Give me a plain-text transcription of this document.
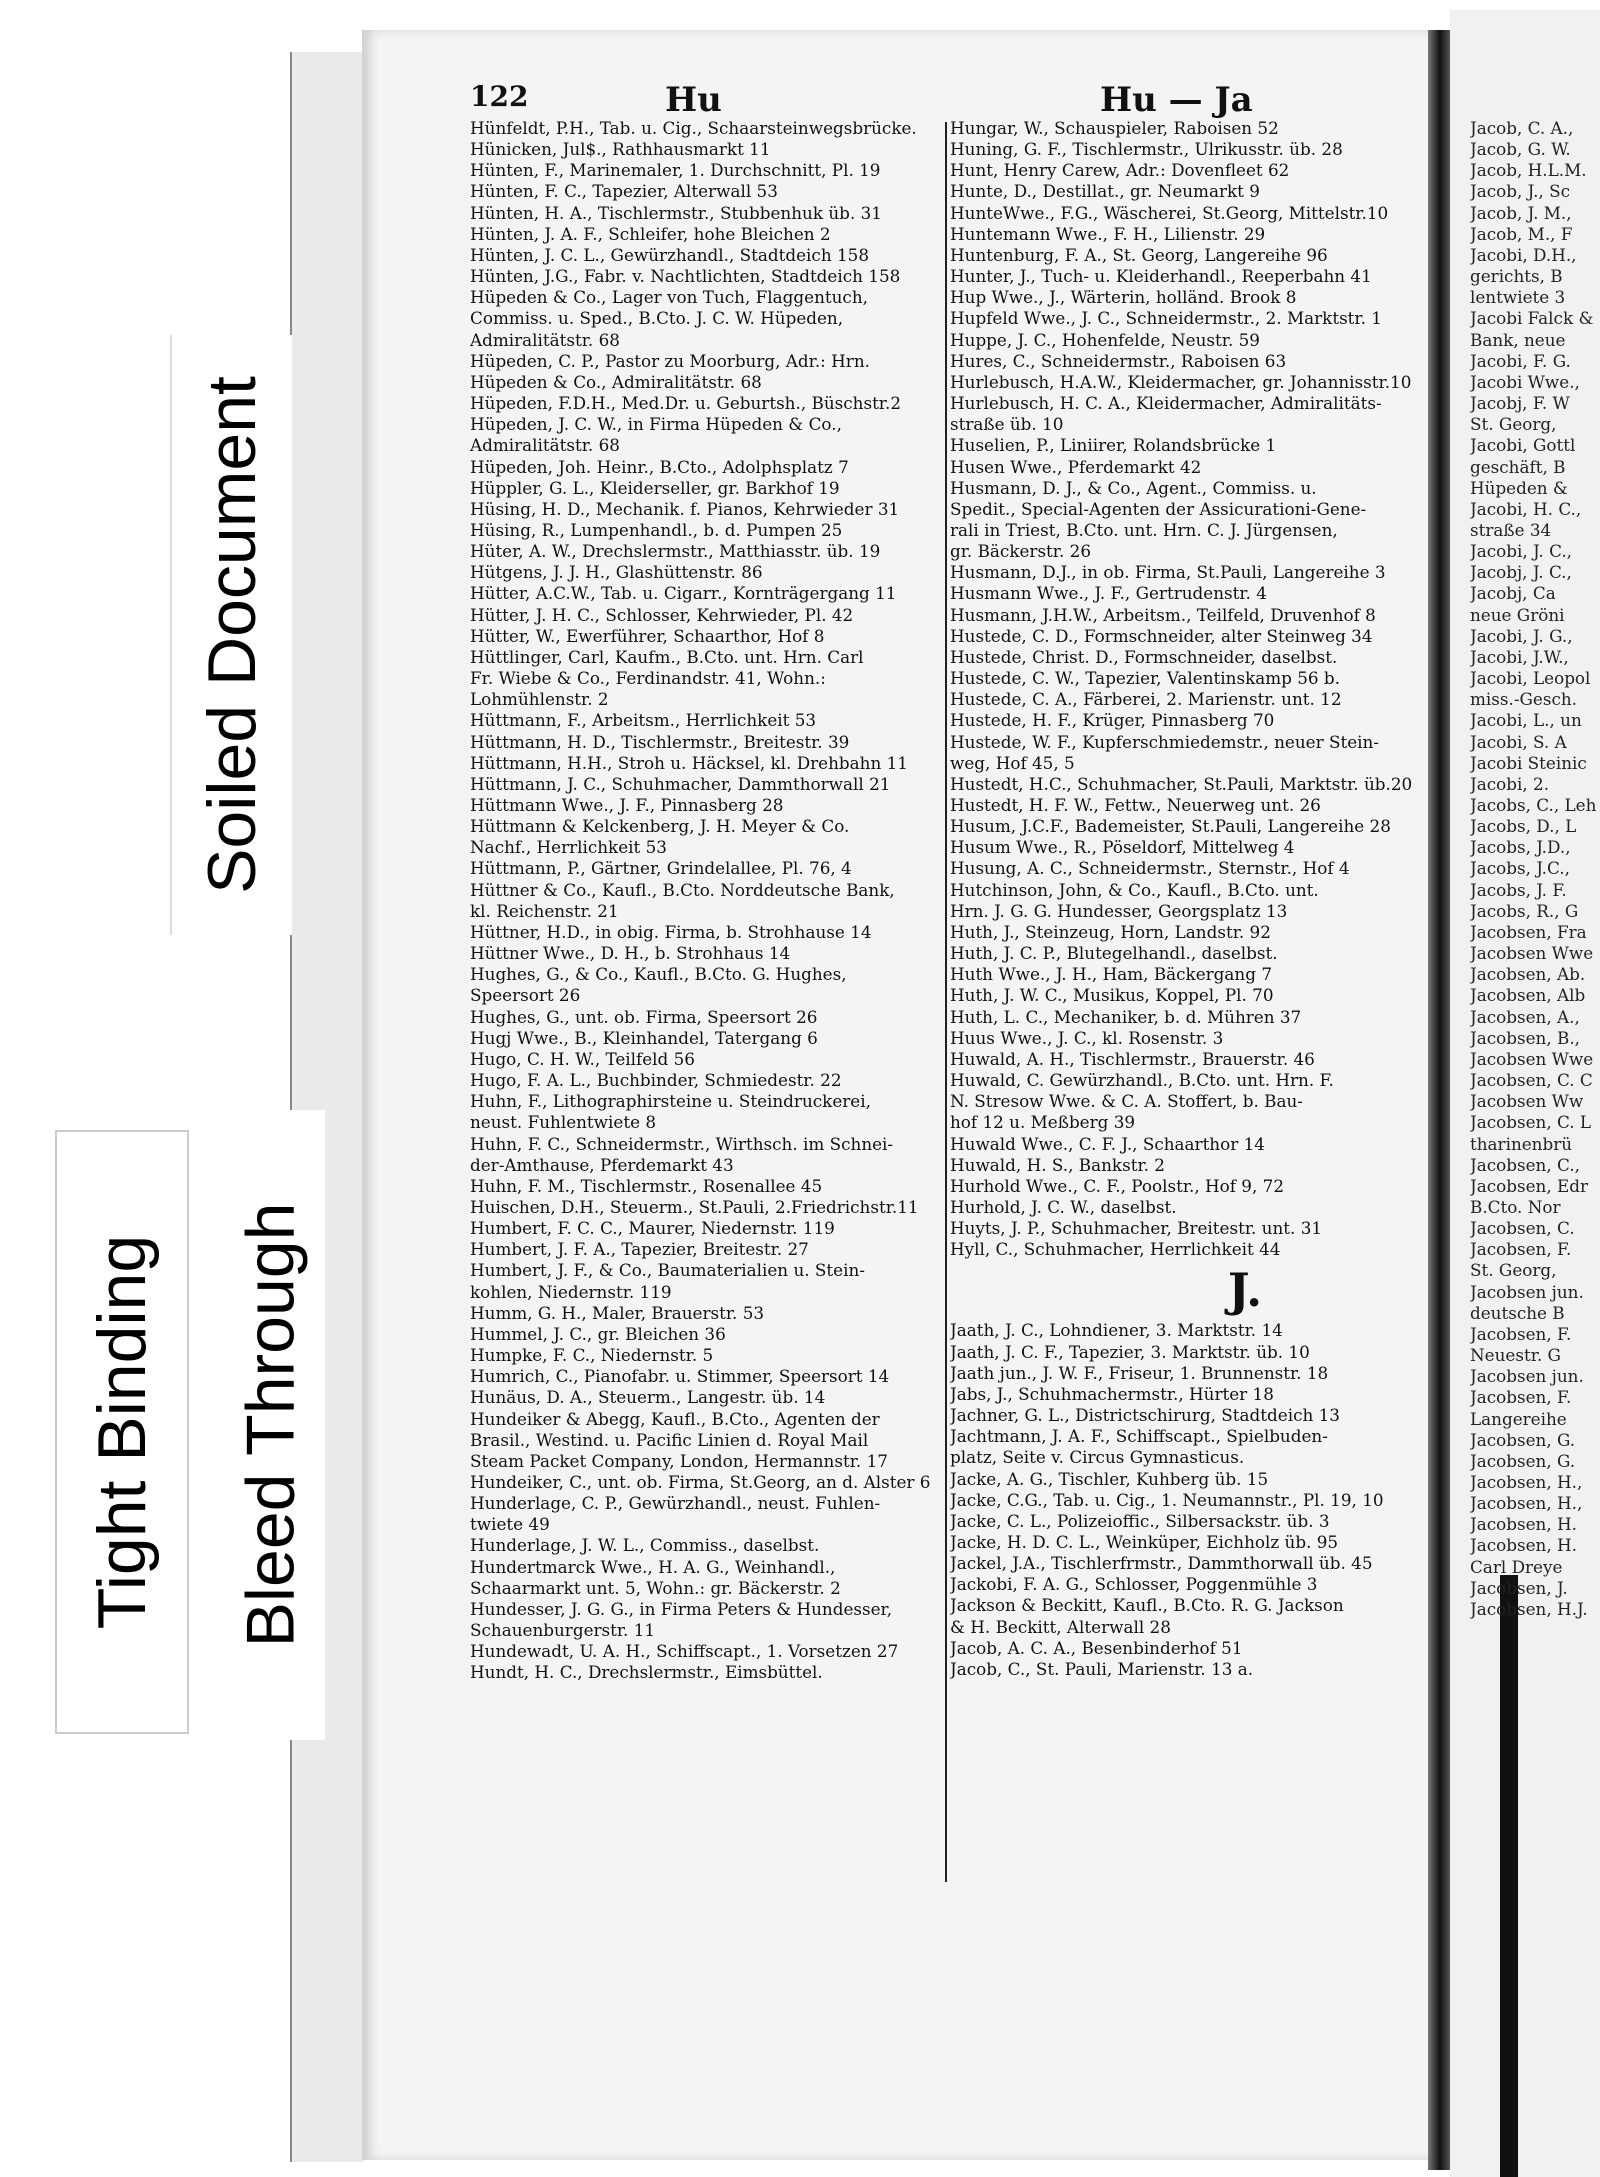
Soiled Document
Bleed Through
Tight Binding
122	Hu	Hu — Ja
Hünfeldt, P.H., Tab. u. Cig., Schaarsteinwegsbrücke.
Hünicken, Jul$., Rathhausmarkt 11
Hünten, F., Marinemaler, 1. Durchschnitt, Pl. 19
Hünten, F. C., Tapezier, Alterwall 53
Hünten, H. A., Tischlermstr., Stubbenhuk üb. 31
Hünten, J. A. F., Schleifer, hohe Bleichen 2
Hünten, J. C. L., Gewürzhandl., Stadtdeich 158
Hünten, J.G., Fabr. v. Nachtlichten, Stadtdeich 158
Hüpeden & Co., Lager von Tuch, Flaggentuch,
Commiss. u. Sped., B.Cto. J. C. W. Hüpeden,
Admiralitätstr. 68
Hüpeden, C. P., Pastor zu Moorburg, Adr.: Hrn.
Hüpeden & Co., Admiralitätstr. 68
Hüpeden, F.D.H., Med.Dr. u. Geburtsh., Büschstr.2
Hüpeden, J. C. W., in Firma Hüpeden & Co.,
Admiralitätstr. 68
Hüpeden, Joh. Heinr., B.Cto., Adolphsplatz 7
Hüppler, G. L., Kleiderseller, gr. Barkhof 19
Hüsing, H. D., Mechanik. f. Pianos, Kehrwieder 31
Hüsing, R., Lumpenhandl., b. d. Pumpen 25
Hüter, A. W., Drechslermstr., Matthiasstr. üb. 19
Hütgens, J. J. H., Glashüttenstr. 86
Hütter, A.C.W., Tab. u. Cigarr., Kornträgergang 11
Hütter, J. H. C., Schlosser, Kehrwieder, Pl. 42
Hütter, W., Ewerführer, Schaarthor, Hof 8
Hüttlinger, Carl, Kaufm., B.Cto. unt. Hrn. Carl
Fr. Wiebe & Co., Ferdinandstr. 41, Wohn.:
Lohmühlenstr. 2
Hüttmann, F., Arbeitsm., Herrlichkeit 53
Hüttmann, H. D., Tischlermstr., Breitestr. 39
Hüttmann, H.H., Stroh u. Häcksel, kl. Drehbahn 11
Hüttmann, J. C., Schuhmacher, Dammthorwall 21
Hüttmann Wwe., J. F., Pinnasberg 28
Hüttmann & Kelckenberg, J. H. Meyer & Co.
Nachf., Herrlichkeit 53
Hüttmann, P., Gärtner, Grindelallee, Pl. 76, 4
Hüttner & Co., Kaufl., B.Cto. Norddeutsche Bank,
kl. Reichenstr. 21
Hüttner, H.D., in obig. Firma, b. Strohhause 14
Hüttner Wwe., D. H., b. Strohhaus 14
Hughes, G., & Co., Kaufl., B.Cto. G. Hughes,
Speersort 26
Hughes, G., unt. ob. Firma, Speersort 26
Hugj Wwe., B., Kleinhandel, Tatergang 6
Hugo, C. H. W., Teilfeld 56
Hugo, F. A. L., Buchbinder, Schmiedestr. 22
Huhn, F., Lithographirsteine u. Steindruckerei,
neust. Fuhlentwiete 8
Huhn, F. C., Schneidermstr., Wirthsch. im Schnei-
der-Amthause, Pferdemarkt 43
Huhn, F. M., Tischlermstr., Rosenallee 45
Huischen, D.H., Steuerm., St.Pauli, 2.Friedrichstr.11
Humbert, F. C. C., Maurer, Niedernstr. 119
Humbert, J. F. A., Tapezier, Breitestr. 27
Humbert, J. F., & Co., Baumaterialien u. Stein-
kohlen, Niedernstr. 119
Humm, G. H., Maler, Brauerstr. 53
Hummel, J. C., gr. Bleichen 36
Humpke, F. C., Niedernstr. 5
Humrich, C., Pianofabr. u. Stimmer, Speersort 14
Hunäus, D. A., Steuerm., Langestr. üb. 14
Hundeiker & Abegg, Kaufl., B.Cto., Agenten der
Brasil., Westind. u. Pacific Linien d. Royal Mail
Steam Packet Company, London, Hermannstr. 17
Hundeiker, C., unt. ob. Firma, St.Georg, an d. Alster 6
Hunderlage, C. P., Gewürzhandl., neust. Fuhlen-
twiete 49
Hunderlage, J. W. L., Commiss., daselbst.
Hundertmarck Wwe., H. A. G., Weinhandl.,
Schaarmarkt unt. 5, Wohn.: gr. Bäckerstr. 2
Hundesser, J. G. G., in Firma Peters & Hundesser,
Schauenburgerstr. 11
Hundewadt, U. A. H., Schiffscapt., 1. Vorsetzen 27
Hundt, H. C., Drechslermstr., Eimsbüttel.
Hungar, W., Schauspieler, Raboisen 52
Huning, G. F., Tischlermstr., Ulrikusstr. üb. 28
Hunt, Henry Carew, Adr.: Dovenfleet 62
Hunte, D., Destillat., gr. Neumarkt 9
HunteWwe., F.G., Wäscherei, St.Georg, Mittelstr.10
Huntemann Wwe., F. H., Lilienstr. 29
Huntenburg, F. A., St. Georg, Langereihe 96
Hunter, J., Tuch- u. Kleiderhandl., Reeperbahn 41
Hup Wwe., J., Wärterin, holländ. Brook 8
Hupfeld Wwe., J. C., Schneidermstr., 2. Marktstr. 1
Huppe, J. C., Hohenfelde, Neustr. 59
Hures, C., Schneidermstr., Raboisen 63
Hurlebusch, H.A.W., Kleidermacher, gr. Johannisstr.10
Hurlebusch, H. C. A., Kleidermacher, Admiralitäts-
straße üb. 10
Huselien, P., Liniirer, Rolandsbrücke 1
Husen Wwe., Pferdemarkt 42
Husmann, D. J., & Co., Agent., Commiss. u.
Spedit., Special-Agenten der Assicurationi-Gene-
rali in Triest, B.Cto. unt. Hrn. C. J. Jürgensen,
gr. Bäckerstr. 26
Husmann, D.J., in ob. Firma, St.Pauli, Langereihe 3
Husmann Wwe., J. F., Gertrudenstr. 4
Husmann, J.H.W., Arbeitsm., Teilfeld, Druvenhof 8
Hustede, C. D., Formschneider, alter Steinweg 34
Hustede, Christ. D., Formschneider, daselbst.
Hustede, C. W., Tapezier, Valentinskamp 56 b.
Hustede, C. A., Färberei, 2. Marienstr. unt. 12
Hustede, H. F., Krüger, Pinnasberg 70
Hustede, W. F., Kupferschmiedemstr., neuer Stein-
weg, Hof 45, 5
Hustedt, H.C., Schuhmacher, St.Pauli, Marktstr. üb.20
Hustedt, H. F. W., Fettw., Neuerweg unt. 26
Husum, J.C.F., Bademeister, St.Pauli, Langereihe 28
Husum Wwe., R., Pöseldorf, Mittelweg 4
Husung, A. C., Schneidermstr., Sternstr., Hof 4
Hutchinson, John, & Co., Kaufl., B.Cto. unt.
Hrn. J. G. G. Hundesser, Georgsplatz 13
Huth, J., Steinzeug, Horn, Landstr. 92
Huth, J. C. P., Blutegelhandl., daselbst.
Huth Wwe., J. H., Ham, Bäckergang 7
Huth, J. W. C., Musikus, Koppel, Pl. 70
Huth, L. C., Mechaniker, b. d. Mühren 37
Huus Wwe., J. C., kl. Rosenstr. 3
Huwald, A. H., Tischlermstr., Brauerstr. 46
Huwald, C. Gewürzhandl., B.Cto. unt. Hrn. F.
N. Stresow Wwe. & C. A. Stoffert, b. Bau-
hof 12 u. Meßberg 39
Huwald Wwe., C. F. J., Schaarthor 14
Huwald, H. S., Bankstr. 2
Hurhold Wwe., C. F., Poolstr., Hof 9, 72
Hurhold, J. C. W., daselbst.
Huyts, J. P., Schuhmacher, Breitestr. unt. 31
Hyll, C., Schuhmacher, Herrlichkeit 44
J.
Jaath, J. C., Lohndiener, 3. Marktstr. 14
Jaath, J. C. F., Tapezier, 3. Marktstr. üb. 10
Jaath jun., J. W. F., Friseur, 1. Brunnenstr. 18
Jabs, J., Schuhmachermstr., Hürter 18
Jachner, G. L., Districtschirurg, Stadtdeich 13
Jachtmann, J. A. F., Schiffscapt., Spielbuden-
platz, Seite v. Circus Gymnasticus.
Jacke, A. G., Tischler, Kuhberg üb. 15
Jacke, C.G., Tab. u. Cig., 1. Neumannstr., Pl. 19, 10
Jacke, C. L., Polizeioffic., Silbersackstr. üb. 3
Jacke, H. D. C. L., Weinküper, Eichholz üb. 95
Jackel, J.A., Tischlerfrmstr., Dammthorwall üb. 45
Jackobi, F. A. G., Schlosser, Poggenmühle 3
Jackson & Beckitt, Kaufl., B.Cto. R. G. Jackson
& H. Beckitt, Alterwall 28
Jacob, A. C. A., Besenbinderhof 51
Jacob, C., St. Pauli, Marienstr. 13 a.
Jacob, C. A.,
Jacob, G. W.
Jacob, H.L.M.
Jacob, J., Sc
Jacob, J. M.,
Jacob, M., F
Jacobi, D.H.,
gerichts, B
lentwiete 3
Jacobi Falck &
Bank, neue
Jacobi, F. G.
Jacobi Wwe.,
Jacobj, F. W
St. Georg,
Jacobi, Gottl
geschäft, B
Hüpeden &
Jacobi, H. C.,
straße 34
Jacobi, J. C.,
Jacobj, J. C.,
Jacobj, Ca
neue Gröni
Jacobi, J. G.,
Jacobi, J.W.,
Jacobi, Leopol
miss.-Gesch.
Jacobi, L., un
Jacobi, S. A
Jacobi Steinic
Jacobi, 2.
Jacobs, C., Leh
Jacobs, D., L
Jacobs, J.D.,
Jacobs, J.C.,
Jacobs, J. F.
Jacobs, R., G
Jacobsen, Fra
Jacobsen Wwe
Jacobsen, Ab.
Jacobsen, Alb
Jacobsen, A.,
Jacobsen, B.,
Jacobsen Wwe
Jacobsen, C. C
Jacobsen Ww
Jacobsen, C. L
tharinenbrü
Jacobsen, C.,
Jacobsen, Edr
B.Cto. Nor
Jacobsen, C.
Jacobsen, F.
St. Georg,
Jacobsen jun.
deutsche B
Jacobsen, F.
Neuestr. G
Jacobsen jun.
Jacobsen, F.
Langereihe
Jacobsen, G.
Jacobsen, G.
Jacobsen, H.,
Jacobsen, H.,
Jacobsen, H.
Jacobsen, H.
Carl Dreye
Jacobsen, J.
Jacobsen, H.J.
